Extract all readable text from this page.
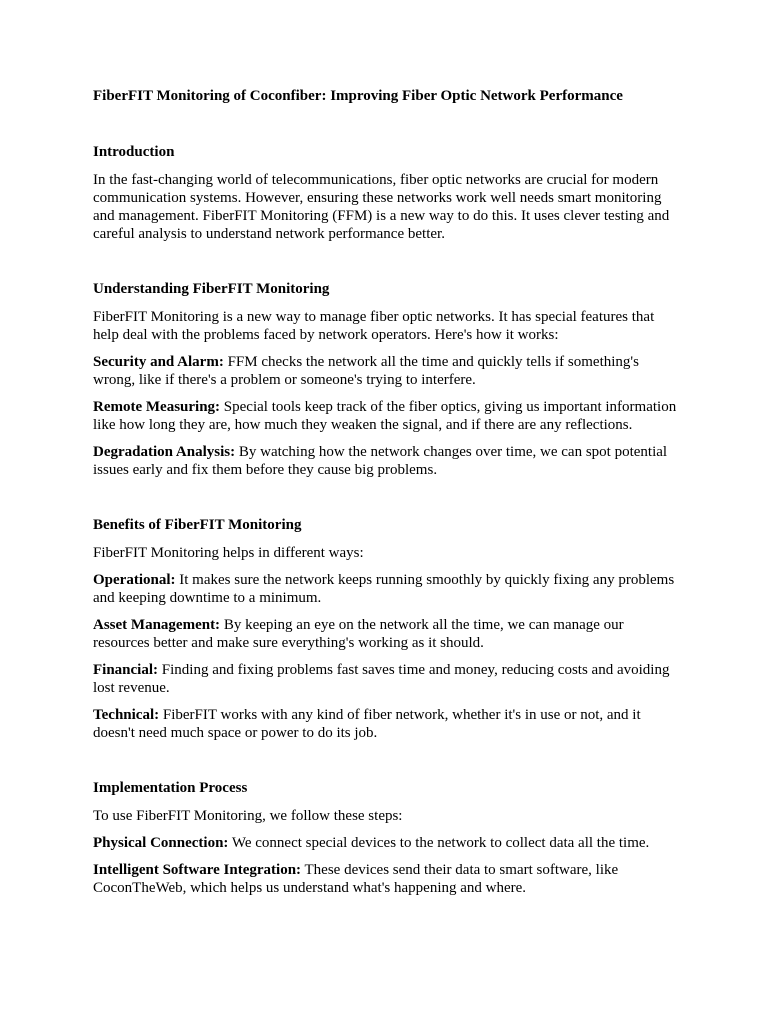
FiberFIT Monitoring of Coconfiber: Improving Fiber Optic Network Performance
Introduction

In the fast-changing world of telecommunications, fiber optic networks are crucial for modern communication systems. However, ensuring these networks work well needs smart monitoring and management. FiberFIT Monitoring (FFM) is a new way to do this. It uses clever testing and careful analysis to understand network performance better.

Understanding FiberFIT Monitoring

FiberFIT Monitoring is a new way to manage fiber optic networks. It has special features that help deal with the problems faced by network operators. Here's how it works:

Security and Alarm: FFM checks the network all the time and quickly tells if something's wrong, like if there's a problem or someone's trying to interfere.

Remote Measuring: Special tools keep track of the fiber optics, giving us important information like how long they are, how much they weaken the signal, and if there are any reflections.

Degradation Analysis: By watching how the network changes over time, we can spot potential issues early and fix them before they cause big problems.

Benefits of FiberFIT Monitoring

FiberFIT Monitoring helps in different ways:

Operational: It makes sure the network keeps running smoothly by quickly fixing any problems and keeping downtime to a minimum.

Asset Management: By keeping an eye on the network all the time, we can manage our resources better and make sure everything's working as it should.

Financial: Finding and fixing problems fast saves time and money, reducing costs and avoiding lost revenue.

Technical: FiberFIT works with any kind of fiber network, whether it's in use or not, and it doesn't need much space or power to do its job.

Implementation Process

To use FiberFIT Monitoring, we follow these steps:

Physical Connection: We connect special devices to the network to collect data all the time.

Intelligent Software Integration: These devices send their data to smart software, like CoconTheWeb, which helps us understand what's happening and where.
